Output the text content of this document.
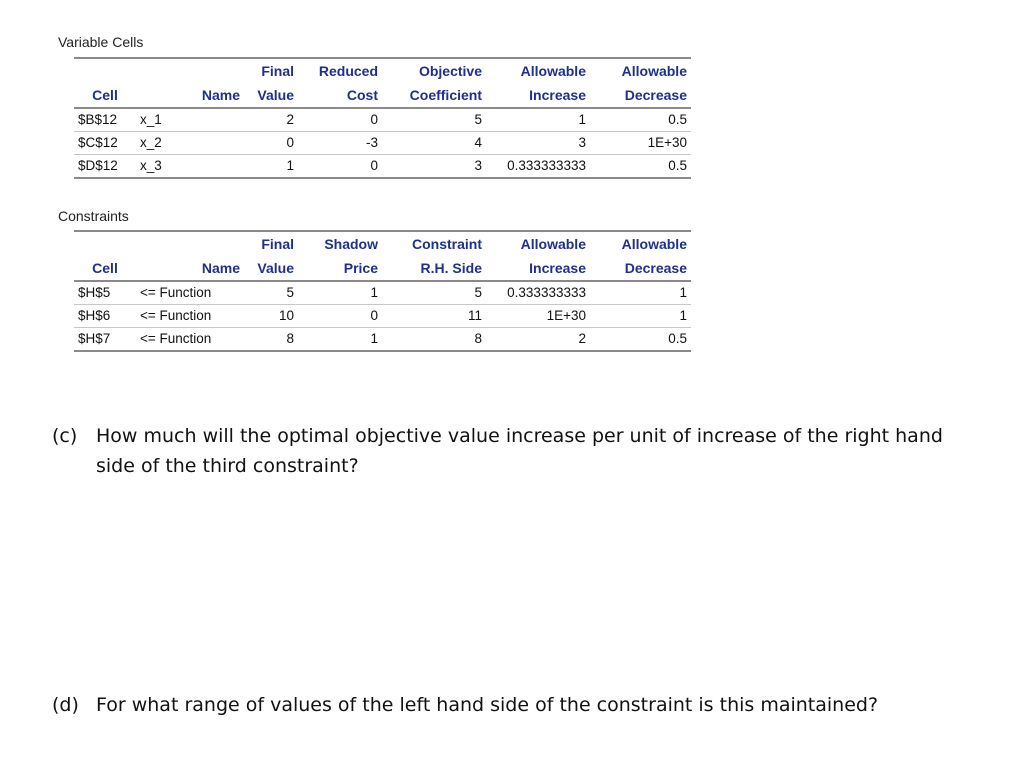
Variable Cells
		Final	Reduced	Objective	Allowable	Allowable
Cell	Name	Value	Cost	Coefficient	Increase	Decrease
$B$12	x_1	2	0	5	1	0.5
$C$12	x_2	0	-3	4	3	1E+30
$D$12	x_3	1	0	3	0.333333333	0.5
Constraints
		Final	Shadow	Constraint	Allowable	Allowable
Cell	Name	Value	Price	R.H. Side	Increase	Decrease
$H$5	<= Function	5	1	5	0.333333333	1
$H$6	<= Function	10	0	11	1E+30	1
$H$7	<= Function	8	1	8	2	0.5
(c) How much will the optimal objective value increase per unit of increase of the right hand side of the third constraint?
(d) For what range of values of the left hand side of the constraint is this maintained?
